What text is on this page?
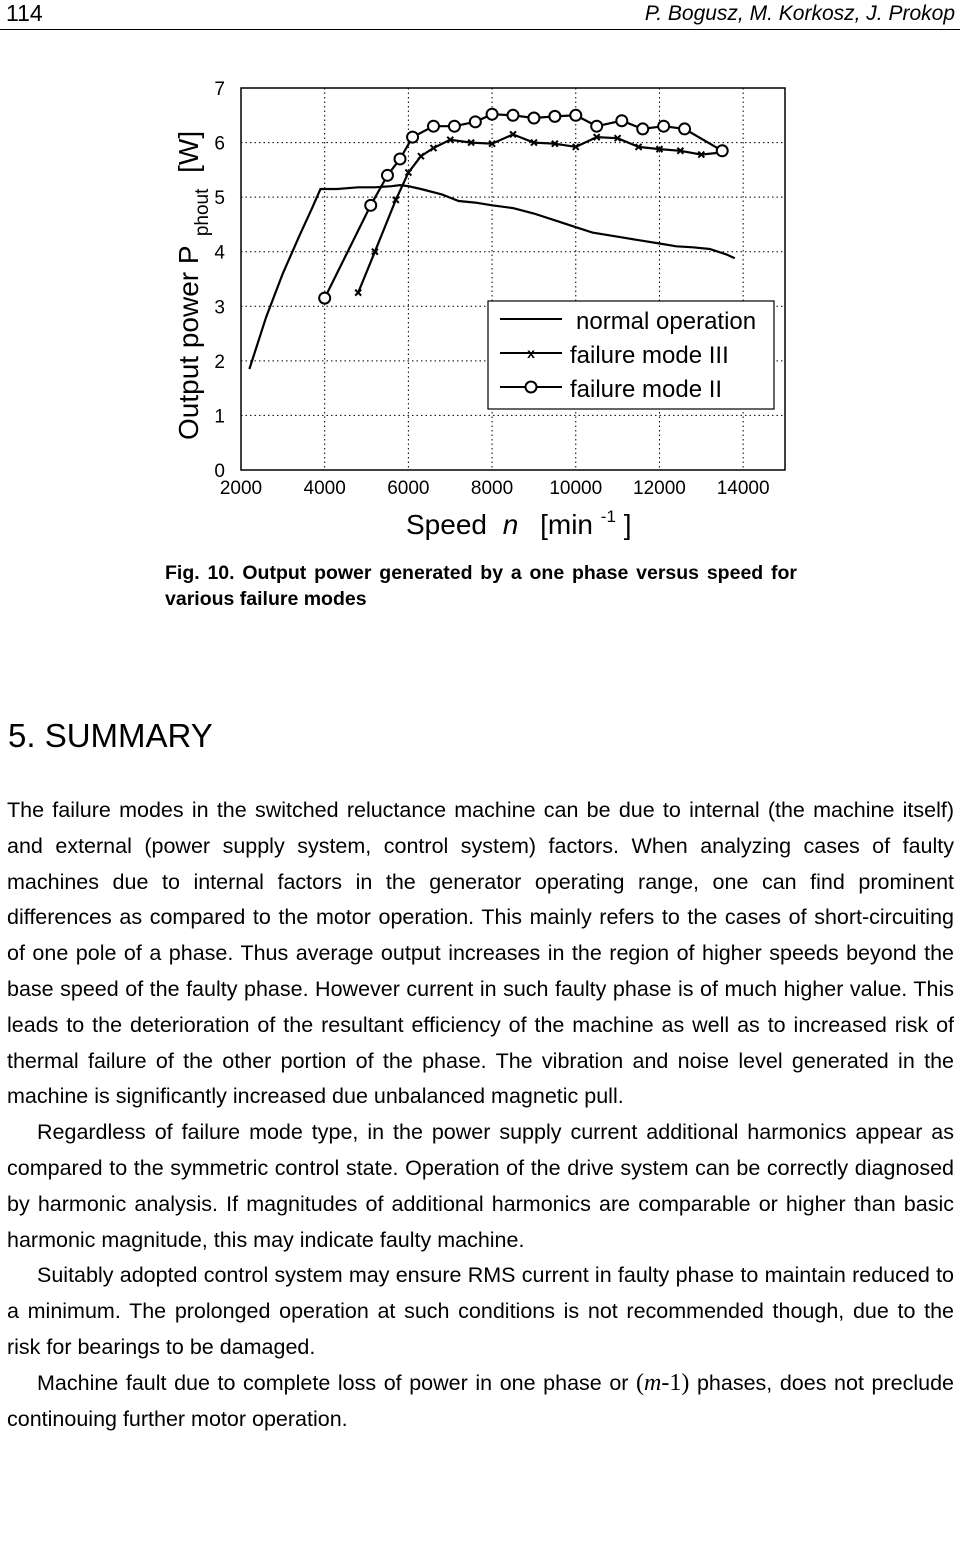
114	P. Bogusz, M. Korkosz, J. Prokop
2000 4000 6000 8000 10000 12000 14000
0
1
2
3
4
5
6
7
normal operation
x failure mode III
failure mode II
Speed n [min $^{-1}$ ]
Output power P $_{phout}$ [W]
Fig. 10. Output power generated by a one phase versus speed for various failure modes
5. SUMMARY

The failure modes in the switched reluctance machine can be due to internal (the machine itself) and external (power supply system, control system) factors. When analyzing cases of faulty machines due to internal factors in the generator operating range, one can find prominent differences as compared to the motor operation. This mainly refers to the cases of short-circuiting of one pole of a phase. Thus average output increases in the region of higher speeds beyond the base speed of the faulty phase. However current in such faulty phase is of much higher value. This leads to the deterioration of the resultant efficiency of the machine as well as to increased risk of thermal failure of the other portion of the phase. The vibration and noise level generated in the machine is significantly increased due unbalanced magnetic pull.

Regardless of failure mode type, in the power supply current additional harmonics appear as compared to the symmetric control state. Operation of the drive system can be correctly diagnosed by harmonic analysis. If magnitudes of additional harmonics are comparable or higher than basic harmonic magnitude, this may indicate faulty machine.

Suitably adopted control system may ensure RMS current in faulty phase to maintain reduced to a minimum. The prolonged operation at such conditions is not recommended though, due to the risk for bearings to be damaged.

Machine fault due to complete loss of power in one phase or (m-1) phases, does not preclude continouing further motor operation.
